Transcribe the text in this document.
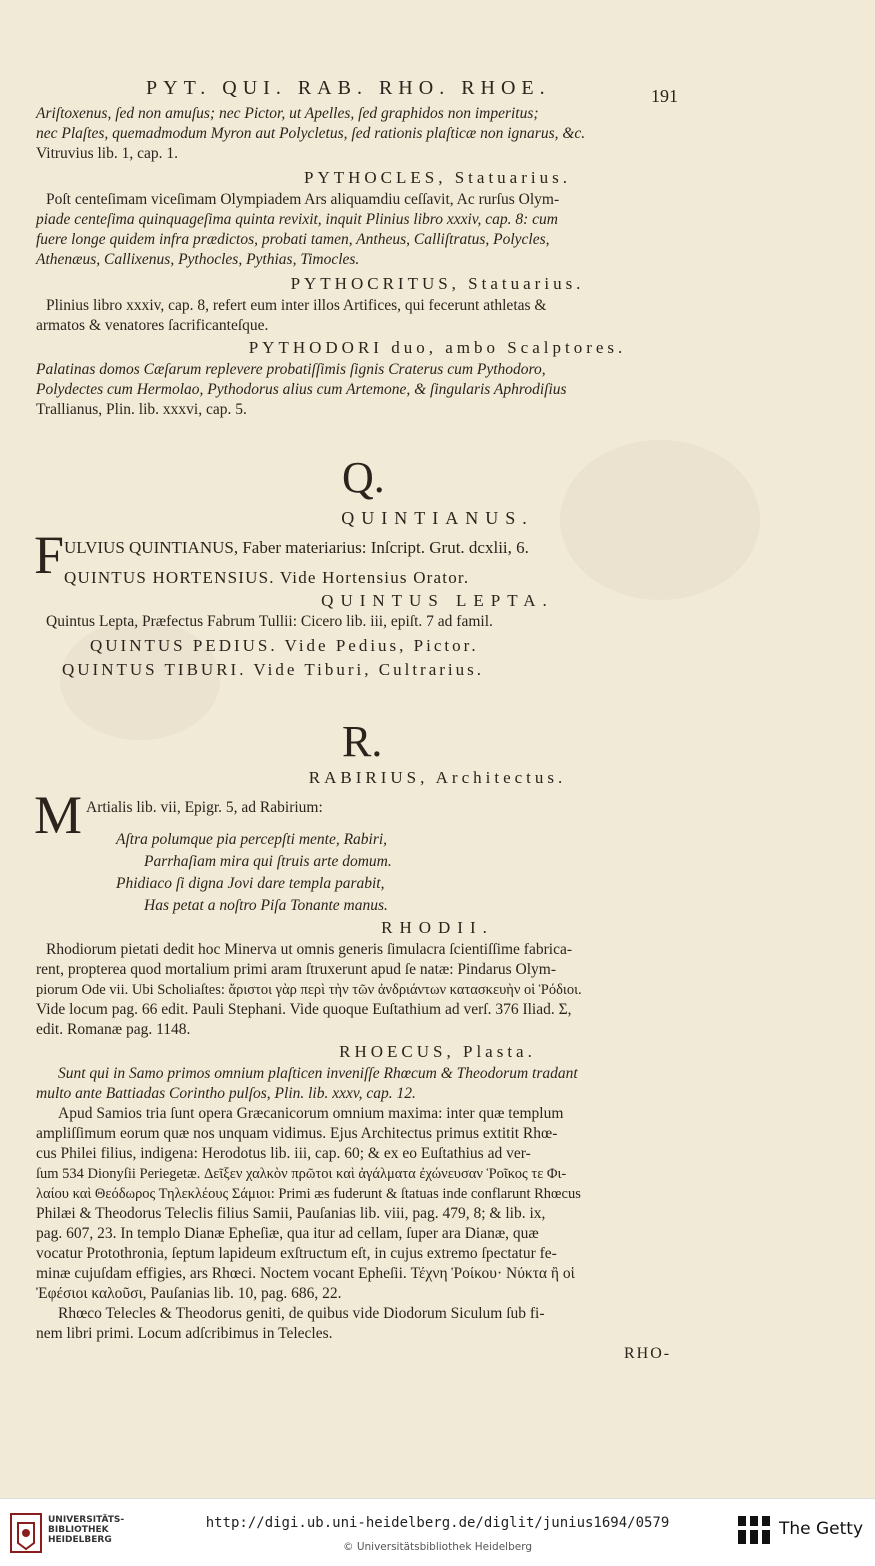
PYT. QUI. RAB. RHO. RHOE.	191
Ariſtoxenus, ſed non amuſus; nec Pictor, ut Apelles, ſed graphidos non imperitus;
nec Plaſtes, quemadmodum Myron aut Polycletus, ſed rationis plaſticæ non ignarus, &c.
Vitruvius lib. 1, cap. 1.
PYTHOCLES, Statuarius.
Poſt centeſimam viceſimam Olympiadem Ars aliquamdiu ceſſavit, Ac rurſus Olym-
piade centeſima quinquageſima quinta revixit, inquit Plinius libro xxxiv, cap. 8: cum
fuere longe quidem infra prædictos, probati tamen, Antheus, Calliſtratus, Polycles,
Athenæus, Callixenus, Pythocles, Pythias, Timocles.
PYTHOCRITUS, Statuarius.
Plinius libro xxxiv, cap. 8, refert eum inter illos Artifices, qui fecerunt athletas &
armatos & venatores ſacrificanteſque.
PYTHODORI duo, ambo Scalptores.
Palatinas domos Cæſarum replevere probatiſſimis ſignis Craterus cum Pythodoro,
Polydectes cum Hermolao, Pythodorus alius cum Artemone, & ſingularis Aphrodiſius
Trallianus, Plin. lib. xxxvi, cap. 5.
Q.
QUINTIANUS.
F ULVIUS QUINTIANUS, Faber materiarius: Inſcript. Grut. dcxlii, 6.
QUINTUS HORTENSIUS. Vide Hortensius Orator.
QUINTUS LEPTA.
Quintus Lepta, Præfectus Fabrum Tullii: Cicero lib. iii, epiſt. 7 ad famil.
QUINTUS PEDIUS. Vide Pedius, Pictor.
QUINTUS TIBURI. Vide Tiburi, Cultrarius.
R.
RABIRIUS, Architectus.
M Artialis lib. vii, Epigr. 5, ad Rabirium:
Aſtra polumque pia percepſti mente, Rabiri,
Parrhaſiam mira qui ſtruis arte domum.
Phidiaco ſi digna Jovi dare templa parabit,
Has petat a noſtro Piſa Tonante manus.
RHODII.
Rhodiorum pietati dedit hoc Minerva ut omnis generis ſimulacra ſcientiſſime fabrica-
rent, propterea quod mortalium primi aram ſtruxerunt apud ſe natæ: Pindarus Olym-
piorum Ode vii. Ubi Scholiaſtes: ἄριστοι γὰρ περὶ τὴν τῶν ἀνδριάντων κατασκευὴν οἱ Ῥόδιοι.
Vide locum pag. 66 edit. Pauli Stephani. Vide quoque Euſtathium ad verſ. 376 Iliad. Σ,
edit. Romanæ pag. 1148.
RHOECUS, Plasta.
Sunt qui in Samo primos omnium plaſticen inveniſſe Rhœcum & Theodorum tradant
multo ante Battiadas Corintho pulſos, Plin. lib. xxxv, cap. 12.
Apud Samios tria ſunt opera Græcanicorum omnium maxima: inter quæ templum
ampliſſimum eorum quæ nos unquam vidimus. Ejus Architectus primus extitit Rhœ-
cus Philei filius, indigena: Herodotus lib. iii, cap. 60; & ex eo Euſtathius ad ver-
ſum 534 Dionyſii Periegetæ. Δεῖξεν χαλκὸν πρῶτοι καὶ ἀγάλματα ἐχώνευσαν Ῥοῖκος τε Φι-
λαίου καὶ Θεόδωρος Τηλεκλέους Σάμιοι: Primi æs fuderunt & ſtatuas inde conflarunt Rhœcus
Philæi & Theodorus Teleclis filius Samii, Pauſanias lib. viii, pag. 479, 8; & lib. ix,
pag. 607, 23. In templo Dianæ Epheſiæ, qua itur ad cellam, ſuper ara Dianæ, quæ
vocatur Protothronia, ſeptum lapideum exſtructum eſt, in cujus extremo ſpectatur fe-
minæ cujuſdam effigies, ars Rhœci. Noctem vocant Epheſii. Τέχνη Ῥοίκου· Νύκτα ἢ οἱ
Ἐφέσιοι καλοῦσι, Pauſanias lib. 10, pag. 686, 22.
Rhœco Telecles & Theodorus geniti, de quibus vide Diodorum Siculum ſub fi-
nem libri primi. Locum adſcribimus in Telecles.
RHO-
UNIVERSITÄTS-
BIBLIOTHEK
HEIDELBERG
http://digi.ub.uni-heidelberg.de/diglit/junius1694/0579
© Universitätsbibliothek Heidelberg
The Getty
